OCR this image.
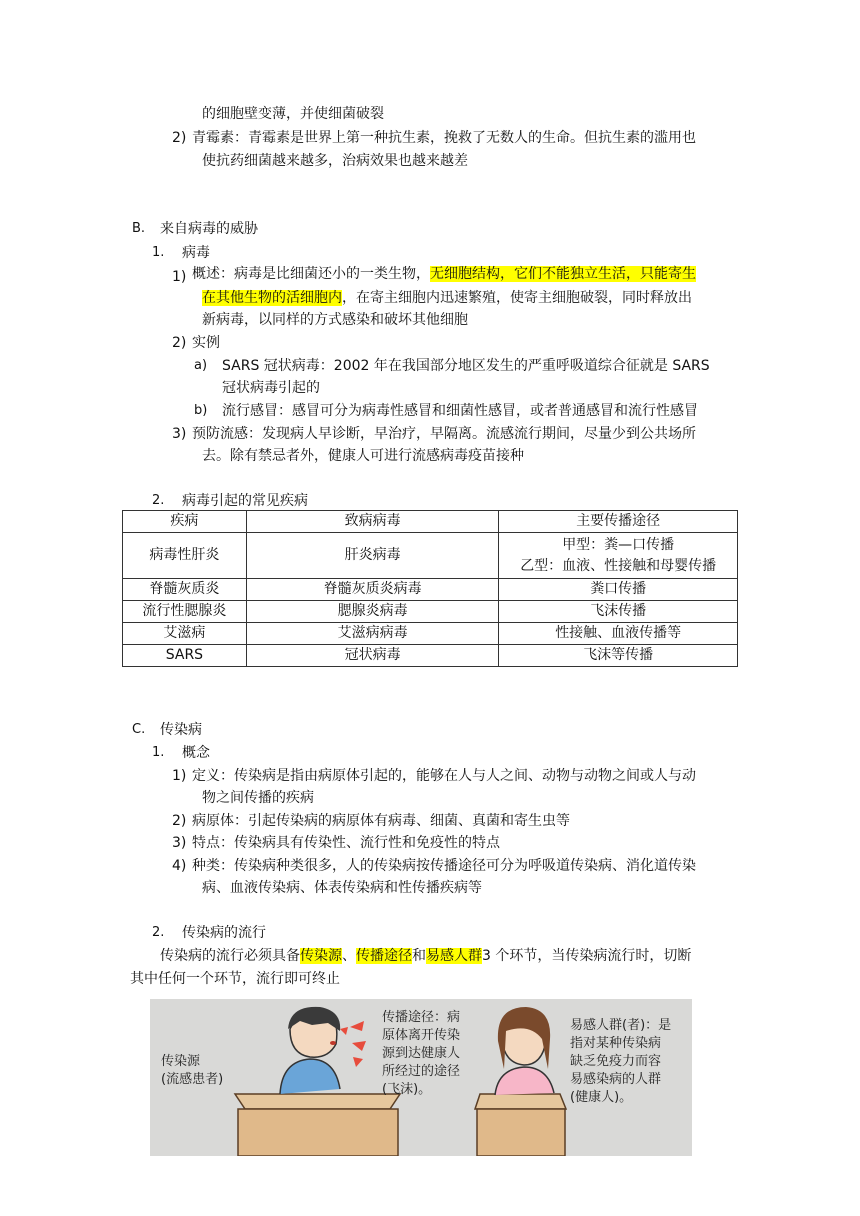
的细胞壁变薄，并使细菌破裂
2) 青霉素：青霉素是世界上第一种抗生素，挽救了无数人的生命。但抗生素的滥用也
使抗药细菌越来越多，治病效果也越来越差
B. 来自病毒的威胁
1. 病毒
1) 概述：病毒是比细菌还小的一类生物，无细胞结构，它们不能独立生活，只能寄生
在其他生物的活细胞内，在寄主细胞内迅速繁殖，使寄主细胞破裂，同时释放出
新病毒，以同样的方式感染和破坏其他细胞
2) 实例
a) SARS 冠状病毒：2002 年在我国部分地区发生的严重呼吸道综合征就是 SARS
冠状病毒引起的
b) 流行感冒：感冒可分为病毒性感冒和细菌性感冒，或者普通感冒和流行性感冒
3) 预防流感：发现病人早诊断，早治疗，早隔离。流感流行期间，尽量少到公共场所
去。除有禁忌者外，健康人可进行流感病毒疫苗接种
2. 病毒引起的常见疾病
疾病	致病病毒	主要传播途径
病毒性肝炎	肝炎病毒	甲型：粪—口传播
乙型：血液、性接触和母婴传播

脊髓灰质炎	脊髓灰质炎病毒	粪口传播
流行性腮腺炎	腮腺炎病毒	飞沫传播
艾滋病	艾滋病病毒	性接触、血液传播等
SARS	冠状病毒	飞沫等传播
C. 传染病
1. 概念
1) 定义：传染病是指由病原体引起的，能够在人与人之间、动物与动物之间或人与动
物之间传播的疾病
2) 病原体：引起传染病的病原体有病毒、细菌、真菌和寄生虫等
3) 特点：传染病具有传染性、流行性和免疫性的特点
4) 种类：传染病种类很多，人的传染病按传播途径可分为呼吸道传染病、消化道传染
病、血液传染病、体表传染病和性传播疾病等
2. 传染病的流行
传染病的流行必须具备传染源、传播途径和易感人群3 个环节，当传染病流行时，切断
其中任何一个环节，流行即可终止
传染源
(流感患者)
传播途径：病
原体离开传染
源到达健康人
所经过的途径
(飞沫)。
易感人群(者)：是
指对某种传染病
缺乏免疫力而容
易感染病的人群
(健康人)。
